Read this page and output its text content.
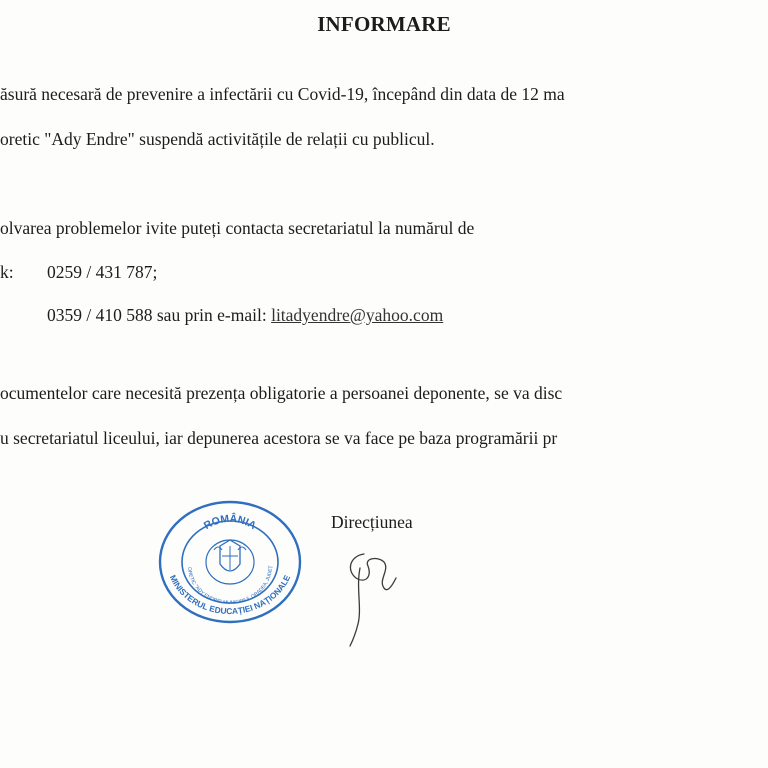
INFORMARE
ăsură necesară de prevenire a infectării cu Covid-19, începând din data de 12 ma
oretic "Ady Endre" suspendă activitățile de relații cu publicul.
olvarea problemelor ivite puteți contacta secretariatul la numărul de
k: 0259 / 431 787;
0359 / 410 588 sau prin e-mail: litadyendre@yahoo.com
ocumentelor care necesită prezența obligatorie a persoanei deponente, se va disc
u secretariatul liceului, iar depunerea acestora se va face pe baza programării pr
ROMÂNIA
MINISTERUL EDUCAȚIEI NAȚIONALE
ORETIC "ADY ENDRE" MUNICIPIUL ORADEA, JUDEȚ
Direcțiunea
